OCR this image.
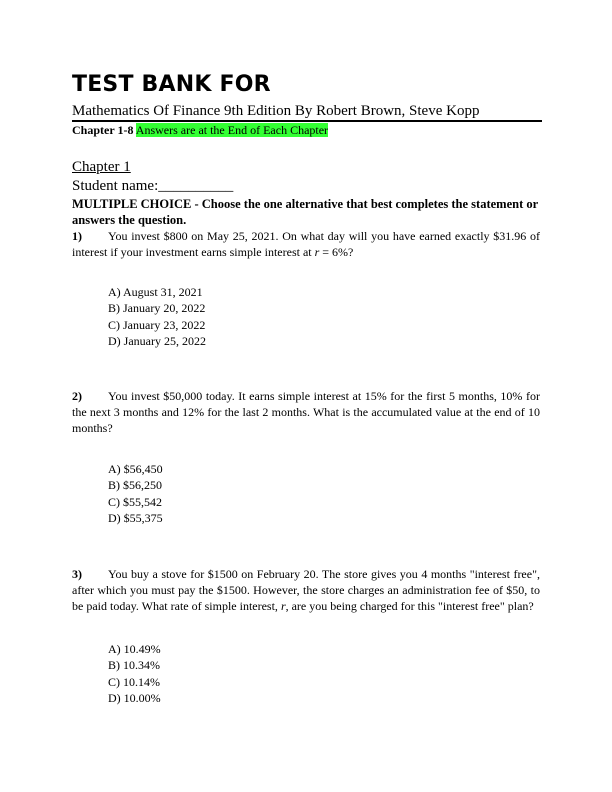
TEST BANK FOR
Mathematics Of Finance 9th Edition By Robert Brown, Steve Kopp
Chapter 1-8 Answers are at the End of Each Chapter
Chapter 1
Student name:__________
MULTIPLE CHOICE - Choose the one alternative that best completes the statement or answers the question.
1) You invest $800 on May 25, 2021. On what day will you have earned exactly $31.96 of interest if your investment earns simple interest at r = 6%?
A) August 31, 2021
B) January 20, 2022
C) January 23, 2022
D) January 25, 2022
2) You invest $50,000 today. It earns simple interest at 15% for the first 5 months, 10% for the next 3 months and 12% for the last 2 months. What is the accumulated value at the end of 10 months?
A) $56,450
B) $56,250
C) $55,542
D) $55,375
3) You buy a stove for $1500 on February 20. The store gives you 4 months "interest free", after which you must pay the $1500. However, the store charges an administration fee of $50, to be paid today. What rate of simple interest, r, are you being charged for this "interest free" plan?
A) 10.49%
B) 10.34%
C) 10.14%
D) 10.00%
